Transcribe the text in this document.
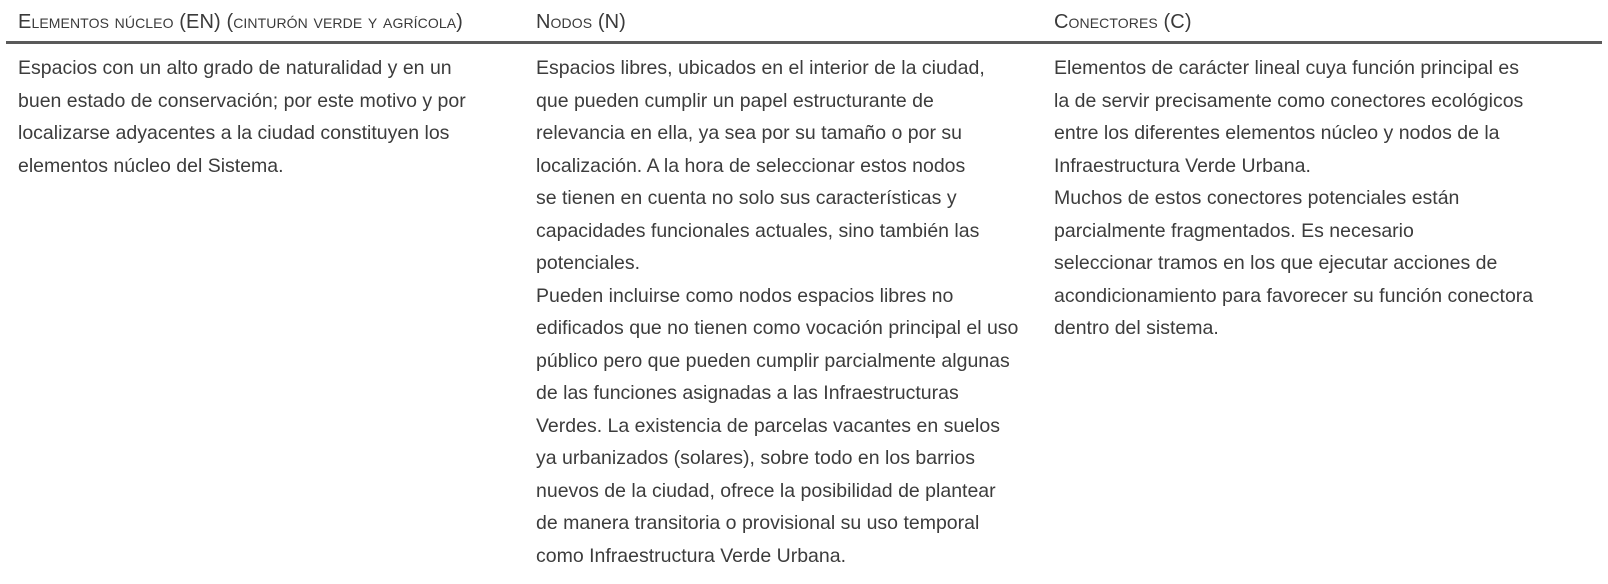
Elementos núcleo (EN) (cinturón verde y agrícola)	Nodos (N)	Conectores (C)
Espacios con un alto grado de naturalidad y en un
buen estado de conservación; por este motivo y por
localizarse adyacentes a la ciudad constituyen los
elementos núcleo del Sistema.
Espacios libres, ubicados en el interior de la ciudad,
que pueden cumplir un papel estructurante de
relevancia en ella, ya sea por su tamaño o por su
localización. A la hora de seleccionar estos nodos
se tienen en cuenta no solo sus características y
capacidades funcionales actuales, sino también las
potenciales.
Pueden incluirse como nodos espacios libres no
edificados que no tienen como vocación principal el uso
público pero que pueden cumplir parcialmente algunas
de las funciones asignadas a las Infraestructuras
Verdes. La existencia de parcelas vacantes en suelos
ya urbanizados (solares), sobre todo en los barrios
nuevos de la ciudad, ofrece la posibilidad de plantear
de manera transitoria o provisional su uso temporal
como Infraestructura Verde Urbana.
Elementos de carácter lineal cuya función principal es
la de servir precisamente como conectores ecológicos
entre los diferentes elementos núcleo y nodos de la
Infraestructura Verde Urbana.
Muchos de estos conectores potenciales están
parcialmente fragmentados. Es necesario
seleccionar tramos en los que ejecutar acciones de
acondicionamiento para favorecer su función conectora
dentro del sistema.
